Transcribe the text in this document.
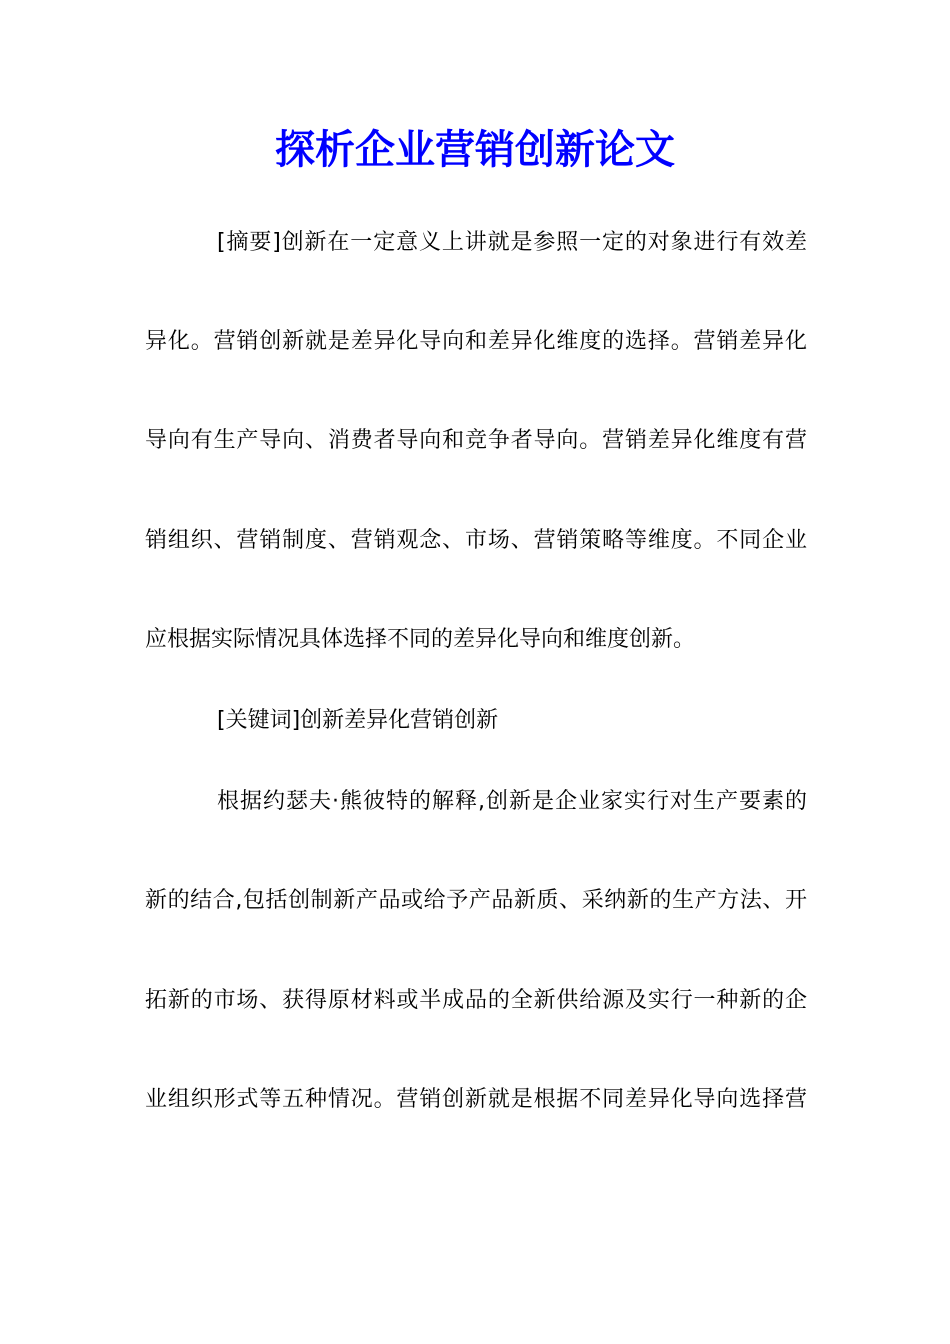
探析企业营销创新论文

[摘要]创新在一定意义上讲就是参照一定的对象进行有效差

异化。营销创新就是差异化导向和差异化维度的选择。营销差异化

导向有生产导向、消费者导向和竞争者导向。营销差异化维度有营

销组织、营销制度、营销观念、市场、营销策略等维度。不同企业

应根据实际情况具体选择不同的差异化导向和维度创新。

[关键词]创新差异化营销创新

根据约瑟夫·熊彼特的解释,创新是企业家实行对生产要素的

新的结合,包括创制新产品或给予产品新质、采纳新的生产方法、开

拓新的市场、获得原材料或半成品的全新供给源及实行一种新的企

业组织形式等五种情况。营销创新就是根据不同差异化导向选择营
